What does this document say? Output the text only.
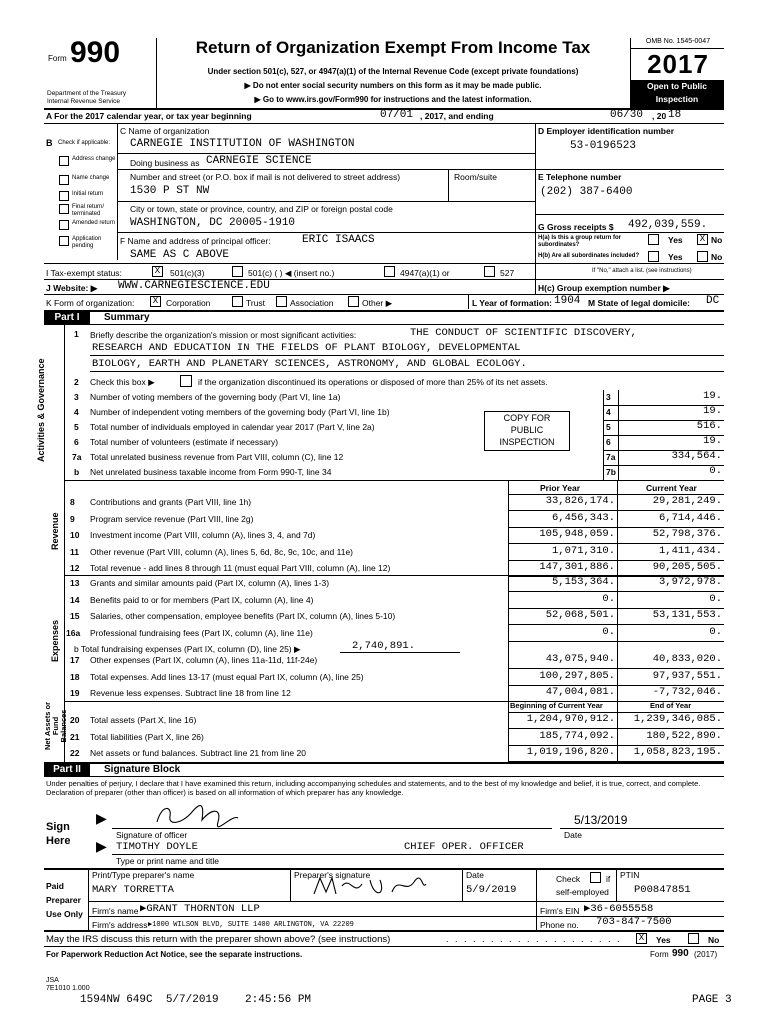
Form 990
Department of the Treasury
Internal Revenue Service
Return of Organization Exempt From Income Tax
Under section 501(c), 527, or 4947(a)(1) of the Internal Revenue Code (except private foundations)
▶ Do not enter social security numbers on this form as it may be made public.
▶ Go to www.irs.gov/Form990 for instructions and the latest information.
OMB No. 1545-0047
2017
Open to Public
Inspection
A For the 2017 calendar year, or tax year beginning	07/01 , 2017, and ending	06/30 , 20 18
B Check if applicable:
Address change
Name change
Initial return
Final return/ terminated
Amended return
Application pending
C Name of organization
CARNEGIE INSTITUTION OF WASHINGTON
Doing business as CARNEGIE SCIENCE
Number and street (or P.O. box if mail is not delivered to street address)	Room/suite
1530 P ST NW
City or town, state or province, country, and ZIP or foreign postal code
WASHINGTON, DC 20005-1910
F Name and address of principal officer:	ERIC ISAACS
SAME AS C ABOVE
D Employer identification number
53-0196523
E Telephone number
(202) 387-6400
G Gross receipts $ 492,039,559.
H(a) Is this a group return for subordinates?	Yes	X No
H(b) Are all subordinates included?	Yes	No
If "No," attach a list. (see instructions)
I Tax-exempt status:	X	501(c)(3)	501(c) ( ) ◀ (insert no.)	4947(a)(1) or	527
J Website: ▶ WWW.CARNEGIESCIENCE.EDU	H(c) Group exemption number ▶
K Form of organization:	X Corporation	Trust	Association	Other ▶	L Year of formation: 1904 M State of legal domicile: DC
Part I	Summary
Activities & Governance
Revenue
Expenses
Net Assets or Fund Balances
1 Briefly describe the organization's mission or most significant activities:	THE CONDUCT OF SCIENTIFIC DISCOVERY,
RESEARCH AND EDUCATION IN THE FIELDS OF PLANT BIOLOGY, DEVELOPMENTAL
BIOLOGY, EARTH AND PLANETARY SCIENCES, ASTRONOMY, AND GLOBAL ECOLOGY.
2 Check this box ▶	if the organization discontinued its operations or disposed of more than 25% of its net assets.
3 Number of voting members of the governing body (Part VI, line 1a)	3	19.
4 Number of independent voting members of the governing body (Part VI, line 1b)	4	19.
5 Total number of individuals employed in calendar year 2017 (Part V, line 2a)	5	516.
6 Total number of volunteers (estimate if necessary)	6	19.
7a Total unrelated business revenue from Part VIII, column (C), line 12	7a	334,564.
b Net unrelated business taxable income from Form 990-T, line 34	7b	0.
COPY FOR
PUBLIC
INSPECTION
Prior Year	Current Year
8 Contributions and grants (Part VIII, line 1h)	33,826,174.	29,281,249.
9 Program service revenue (Part VIII, line 2g)	6,456,343.	6,714,446.
10 Investment income (Part VIII, column (A), lines 3, 4, and 7d)	105,948,059.	52,798,376.
11 Other revenue (Part VIII, column (A), lines 5, 6d, 8c, 9c, 10c, and 11e)	1,071,310.	1,411,434.
12 Total revenue - add lines 8 through 11 (must equal Part VIII, column (A), line 12)	147,301,886.	90,205,505.
13 Grants and similar amounts paid (Part IX, column (A), lines 1-3)	5,153,364.	3,972,978.
14 Benefits paid to or for members (Part IX, column (A), line 4)	0.	0.
15 Salaries, other compensation, employee benefits (Part IX, column (A), lines 5-10)	52,068,501.	53,131,553.
16a Professional fundraising fees (Part IX, column (A), line 11e)	0.	0.
b Total fundraising expenses (Part IX, column (D), line 25) ▶	2,740,891.
17 Other expenses (Part IX, column (A), lines 11a-11d, 11f-24e)	43,075,940.	40,833,020.
18 Total expenses. Add lines 13-17 (must equal Part IX, column (A), line 25)	100,297,805.	97,937,551.
19 Revenue less expenses. Subtract line 18 from line 12	47,004,081.	-7,732,046.
Beginning of Current Year	End of Year
20 Total assets (Part X, line 16)	1,204,970,912.	1,239,346,085.
21 Total liabilities (Part X, line 26)	185,774,092.	180,522,890.
22 Net assets or fund balances. Subtract line 21 from line 20	1,019,196,820.	1,058,823,195.
Part II	Signature Block
Under penalties of perjury, I declare that I have examined this return, including accompanying schedules and statements, and to the best of my knowledge and belief, it is true, correct, and complete. Declaration of preparer (other than officer) is based on all information of which preparer has any knowledge.
Sign
Here
▶
▶
Signature of officer
5/13/2019
Date
TIMOTHY DOYLE	CHIEF OPER. OFFICER
Type or print name and title
Paid
Preparer
Use Only
Print/Type preparer's name	Preparer's signature	Date	Check	if
self-employed
PTIN
MARY TORRETTA	5/9/2019	P00847851
Firm's name ▶GRANT THORNTON LLP	Firm's EIN ▶36-6055558
Firm's address ▶1000 WILSON BLVD, SUITE 1400 ARLINGTON, VA 22209	Phone no. 703-847-7500
May the IRS discuss this return with the preparer shown above? (see instructions)	. . . . . . . . . . . . . . . . . . . .	X	Yes	No
For Paperwork Reduction Act Notice, see the separate instructions.	Form 990 (2017)
JSA
7E1010 1.000
1594NW 649C  5/7/2019    2:45:56 PM	PAGE 3
